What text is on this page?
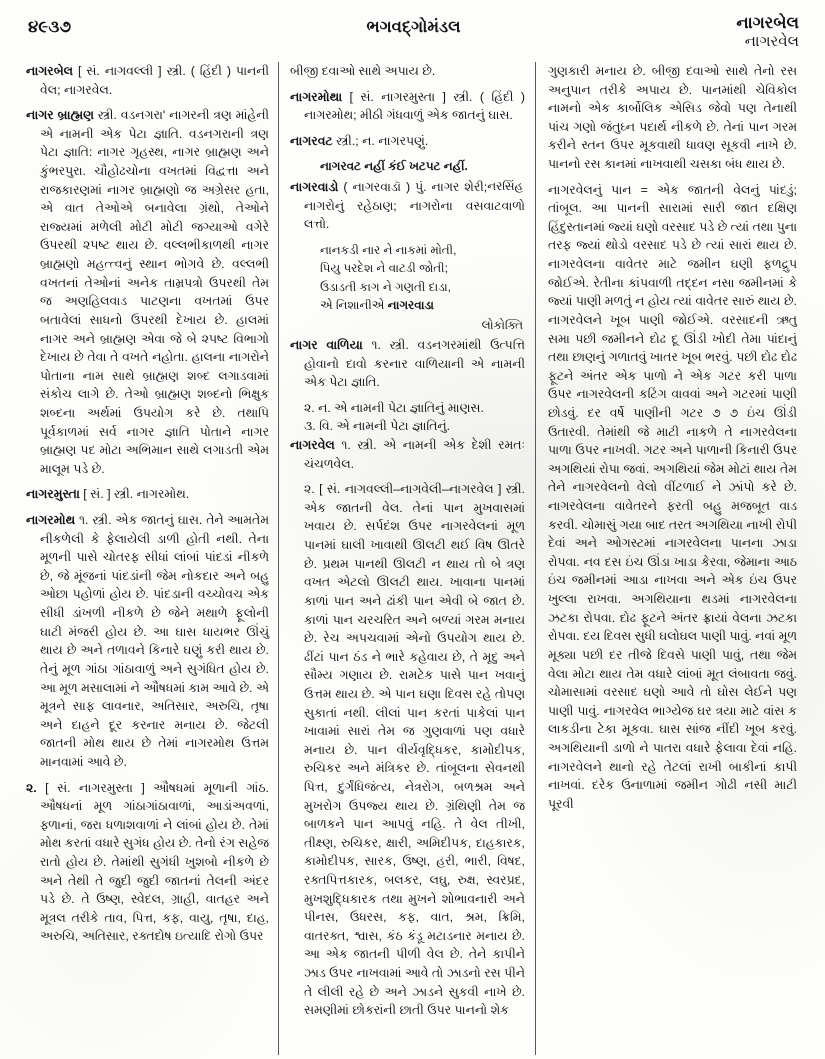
૪૯૩૭	ભગવદ્ગોમંડલ	નાગરબેલ
નાગરવેલ

નાગરબેલ [ સં. નાગવલ્લી ] સ્ત્રી. ( હિંદી ) પાનની વેલ; નાગરવેલ.

નાગર બ્રાહ્મણ સ્ત્રી. વડનગરા' નાગરની ત્રણ માંહેની એ નામની એક પેટા જ્ઞાતિ. વડનગરાની ત્રણ પેટા જ્ઞાતિ: નાગર ગૃહસ્થ, નાગર બ્રાહ્મણ અને કુંભરપુરા. ચૌહોઢચોના વખતમાં વિદ્વત્તા અને રાજકારણમાં નાગર બ્રાહ્મણો જ અગ્રેસર હતા, એ વાત તેઓએ બનાવેલા ગ્રંથો, તેઓને રાજ્યમાં મળેલી મોટી મોટી જગ્યાઓ વગેરે ઉપરથી ૨૫ષ્ટ થાય છે. વલ્લભીકાળથી નાગર બ્રાહ્મણો મહત્ત્વનું સ્થાન ભોગવે છે. વલ્લભી વખતનાં તેઓનાં અનેક તામ્રપત્રો ઉપરથી તેમ જ અણહિલવાડ પાટણના વખતમાં ઉપર બતાવેલાં સાધનો ઉપરથી દેખાય છે. હાલમાં નાગર અને બ્રાહ્મણ એવા જે બે ૨૫ષ્ટ વિભાગો દેખાય છે તેવા તે વખતે નહોતા. હાલના નાગરોને પોતાના નામ સાથે બ્રાહ્મણ શબ્દ લગાડવામાં સંકોચ લાગે છે. તેઓ બ્રાહ્મણ શબ્દનો ભિક્ષુક શબ્દના અર્થમાં ઉપયોગ કરે છે. તથાપિ પૂર્વકાળમાં સર્વ નાગર જ્ઞાતિ પોતાને નાગર બ્રાહ્મણ પદ મોટા અભિમાન સાથે લગાડતી એમ માલૂમ પડે છે.

નાગરમુસ્તા [ સં. ] સ્ત્રી. નાગરમોથ.

નાગરમોથ ૧. સ્ત્રી. એક જાતનું ઘાસ. તેને આમતેમ નીકળેલી કે ફેલાયેલી ડાળી હોતી નથી. તેના મૂળની પાસે ચોતરફ સીધાં લાંબાં પાંદડાં નીકળે છે, જે મૂંજનાં પાંદડાંની જેમ નોકદાર અને બહુ ઓછા પહોળાં હોય છે. પાંદડાની વચ્ચોવચ એક સીધી ડાંખળી નીકળે છે જેને મથાળે ફૂલોની ઘાટી મંજરી હોય છે. આ ઘાસ ધાયભર ઊંચું થાય છે અને તળાવને કિનારે ઘણું કરી થાય છે. તેનું મૂળ ગાંઠા ગાંઠાવાળું અને સુગંધિત હોય છે. આ મૂળ મસાલામાં ને ઔષધમાં કામ આવે છે. એ મૂત્રને સાફ લાવનાર, અતિસાર, અરુચિ, તૃષા અને દાહને દૂર કરનાર મનાય છે. જેટલી જાતની મોથ થાય છે તેમાં નાગરમોથ ઉત્તમ માનવામાં આવે છે.

૨. [ સં. નાગરમુસ્તા ] ઔષધમાં મૂળાની ગાંઠ. ઔષધનાં મૂળ ગાંઠાગાંઠાવાળાં, આડાંઅવળાં, ફ્ળાનાં, જરા ધળાશવાળાં ને લાંબાં હોય છે. તેમાં મોથ કરતાં વધારે સુગંધ હોય છે. તેનો રંગ સહેજ રાતો હોય છે. તેમાંથી સુગંધી ખુશબો નીકળે છે અને તેથી તે જુદી જુદી જાતનાં તેલની અંદર પડે છે. તે ઉષ્ણ, સ્વેદલ, ગ્રાહી, વાતહર અને મૂત્રલ તરીકે તાવ, પિત્ત, કફ, વાયુ, તૃષા, દાહ, અરુચિ, અતિસાર, રક્તદોષ ઇત્યાદિ રોગો ઉપર

બીજી દવાઓ સાથે અપાય છે.

નાગરમોથા [ સં. નાગરમુસ્તા ] સ્ત્રી. ( હિંદી ) નાગરમોથ; મીઠી ગંધવાળું એક જાતનું ઘાસ.

નાગરવટ સ્ત્રી.; ન. નાગરપણું.

નાગરવટ નહીં કંઈ ખટપટ નહીં.
નરસિંહ

નાગરવાડો ( નાગરવાડૉ ) પું. નાગર શેરી; નાગરોનું રહેઠાણ; નાગરોના વસવાટવાળો લત્તો.

નાનકડી નાર ને નાકમાં મોતી,
પિયુ પરદેશ ને વાટડી જોતી;
ઉડાડતી કાગ ને ગણતી દાડા,
એ નિશાનીએ નાગરવાડા
લોકોક્તિ

નાગર વાળિયા ૧. સ્ત્રી. વડનગરમાંથી ઉત્પત્તિ હોવાનો દાવો કરનાર વાળિયાની એ નામની એક પેટા જ્ઞાતિ.

૨. ન. એ નામની પેટા જ્ઞાતિનું માણસ.

૩. વિ. એ નામની પેટા જ્ઞાતિનું.

નાગરવેલ ૧. સ્ત્રી. એ નામની એક દેશી રમતઃ ચંચળવેલ.

૨. [ સં. નાગવલ્લી–નાગવેલી–નાગરવેલ ] સ્ત્રી. એક જાતની વેલ. તેનાં પાન મુખવાસમાં ખવાય છે. સર્પદંશ ઉપર નાગરવેલનાં મૂળ પાનમાં ઘાલી ખાવાથી ઊલટી થઈ વિષ ઊતરે છે. પ્રથમ પાનથી ઊલટી ન થાય તો બે ત્રણ વખત એટલો ઊલટી થાય. ખાવાના પાનમાં કાળાં પાન અને ઢાંકી પાન એવી બે જાત છે. કાળાં પાન ચરચરિત અને બળ્યાં ગરમ મનાય છે. રેચ અપચવામાં એનો ઉપયોગ થાય છે. ઢીંટાં પાન ઠંડ ને ભારે કહેવાય છે, તે મૃદુ અને સૌમ્ય ગણાય છે. રામટેક પાસે પાન ખવાનું ઉત્તમ થાય છે. એ પાન ઘણા દિવસ રહે તોપણ સુકાતાં નથી. લીલાં પાન કરતાં પાકેલાં પાન ખાવામાં સારાં તેમ જ ગુણવાળાં પણ વધારે મનાય છે. પાન વીર્યવૃદ્ધિકર, કામોદીપક, રુચિકર અને મંત્રિકર છે. તાંબૂલના સેવનથી પિત્ત, દુર્ગંધિજંત્ય, નેત્રરોગ, બળશ્રમ અને મુખરોગ ઉપજ્ય થાય છે. ગ્રંથિણી તેમ જ બાળકને પાન આપવું નહિ. તે વેલ તીખી, તીક્ષ્ણ, રુચિકર, ક્ષારી, અમિદીપક, દાહકારક, કામોદીપક, સારક, ઉષ્ણ, હરી, ભારી, વિષદ, રક્તપિત્તકારક, બલકર, લઘુ, રુક્ષ, સ્વરપ્રદ, મુખશુદ્ધિકારક તથા મુખને શોભાવનારી અને પીનસ, ઉધરસ, કફ, વાત, શ્રમ, ક્રિમિ, વાતરક્ત, શ્વાસ, કંઠ કંડૂ મટાડનાર મનાય છે. આ એક જાતની પીળી વેલ છે. તેને કાપીને ઝાડ ઉપર નાખવામાં આવે તો ઝાડનો રસ પીને તે લીલી રહે છે અને ઝાડને સુકવી નાખે છે. સમણીમાં છોકરાંની છાતી ઉપર પાનનો શેક

ગુણકારી મનાય છે. બીજી દવાઓ સાથે તેનો રસ અનુપાન તરીકે અપાય છે. પાનમાંથી ચેવિકોલ નામનો એક કાર્બોલિક એસિડ જેવો પણ તેનાથી પાંચ ગણો જંતુઘ્ન પદાર્થ નીકળે છે. તેનાં પાન ગરમ કરીને સ્તન ઉપર મૂકવાથી ધાવણ સૂકવી નાખે છે. પાનનો રસ કાનમાં નાખવાથી ચસકા બંધ થાય છે.

નાગરવેલનું પાન = એક જાતની વેલનું પાંદડું; તાંબૂલ. આ પાનની સારામાં સારી જાત દક્ષિણ હિંદુસ્તાનમાં જ્યાં ઘણો વરસાદ પડે છે ત્યાં તથા પુના તરફ જ્યાં થોડો વરસાદ પડે છે ત્યાં સારાં થાય છે. નાગરવેલના વાવેતર માટે જમીન ઘણી ફળદ્રુપ જોઈએ. રેતીના કાંપવાળી તદ્દન નસા જમીનમાં કે જ્યાં પાણી મળતું ન હોય ત્યાં વાવેતર સારું થાય છે. નાગરવેલને ખૂબ પાણી જોઈએ. વરસાદની ઋતુ સમા પછી જમીનને દોઢ દૂ ઊંડી ખોદી તેમા પાંદાનું તથા છાણનું ગળાતવું ખાતર ખૂબ ભરવું. પછી દોઢ દોઢ ફૂટને અંતર એક પાળો ને એક ગટર કરી પાળા ઉપર નાગરવેલની કટિંગ વાવવાં અને ગટરમાં પાણી છોડવું. દર વર્ષે પાણીની ગટર ૭ ૭ ઇંચ ઊંડી ઉતારવી. તેમાંથી જે માટી નાકળે તે નાગરવેલના પાળા ઉપર નાખવી. ગટર અને પાળાની કિનારી ઉપર અગથિયાં રોપા જવાં. અગથિયાં જેમ મોટાં થાય તેમ તેને નાગરવેલનો વેલો વીંટળાઈ ને ઝાંપો કરે છે. નાગરવેલના વાવેતરને ફરતી બહુ મજબૂત વાડ કરવી. ચોમાસું ગયા બાદ તરત અગથિયા નાખી રોપી દેવાં અને ઓગસ્ટમાં નાગરવેલના પાનના ઝાડા રોપવા. નવ દસ ઇંચ ઊંડા ખાડા કેરવા, જેમાના આઠ ઇંચ જમીનમાં આડા નાખવા અને એક ઇંચ ઉપર ખુલ્લા રાખવા. અગથિયાના થડમાં નાગરવેલના ઝટકા રોપવા. દોઢ ફૂટને અંતર ફ્રાયાં વેલના ઝટકા રોપવા. દય દિવસ સુધી ઘલોઘલ પાણી પાવું. નવાં મૂળ મૂક્યા પછી દર તીજે દિવસે પાણી પાવું, તથા જેમ વેલા મોટા થાય તેમ વધારે લાંબાં મૂત લંબાવતા જવું. ચોમાસામાં વરસાદ ઘણો આવે તો ઘોસ લેઈને પણ પાણી પાવું. નાગરવેલ ભાગ્યેજ ઘર ત્રયા માટે વાંસ ક લાકડીના ટેકા મૂકવા. ઘાસ સાંજ નીંદી ખૂબ કરવું. અગથિયાની ડાળો ને પાતરા વધારે ફેલાવા દેવાં નહિ. નાગરવેલને થાનો રહે તેટલાં રાખી બાકીનાં કાપી નાખવાં. દરેક ઉનાળામાં જમીન ગોઢી નસી માટી પૂરવી
